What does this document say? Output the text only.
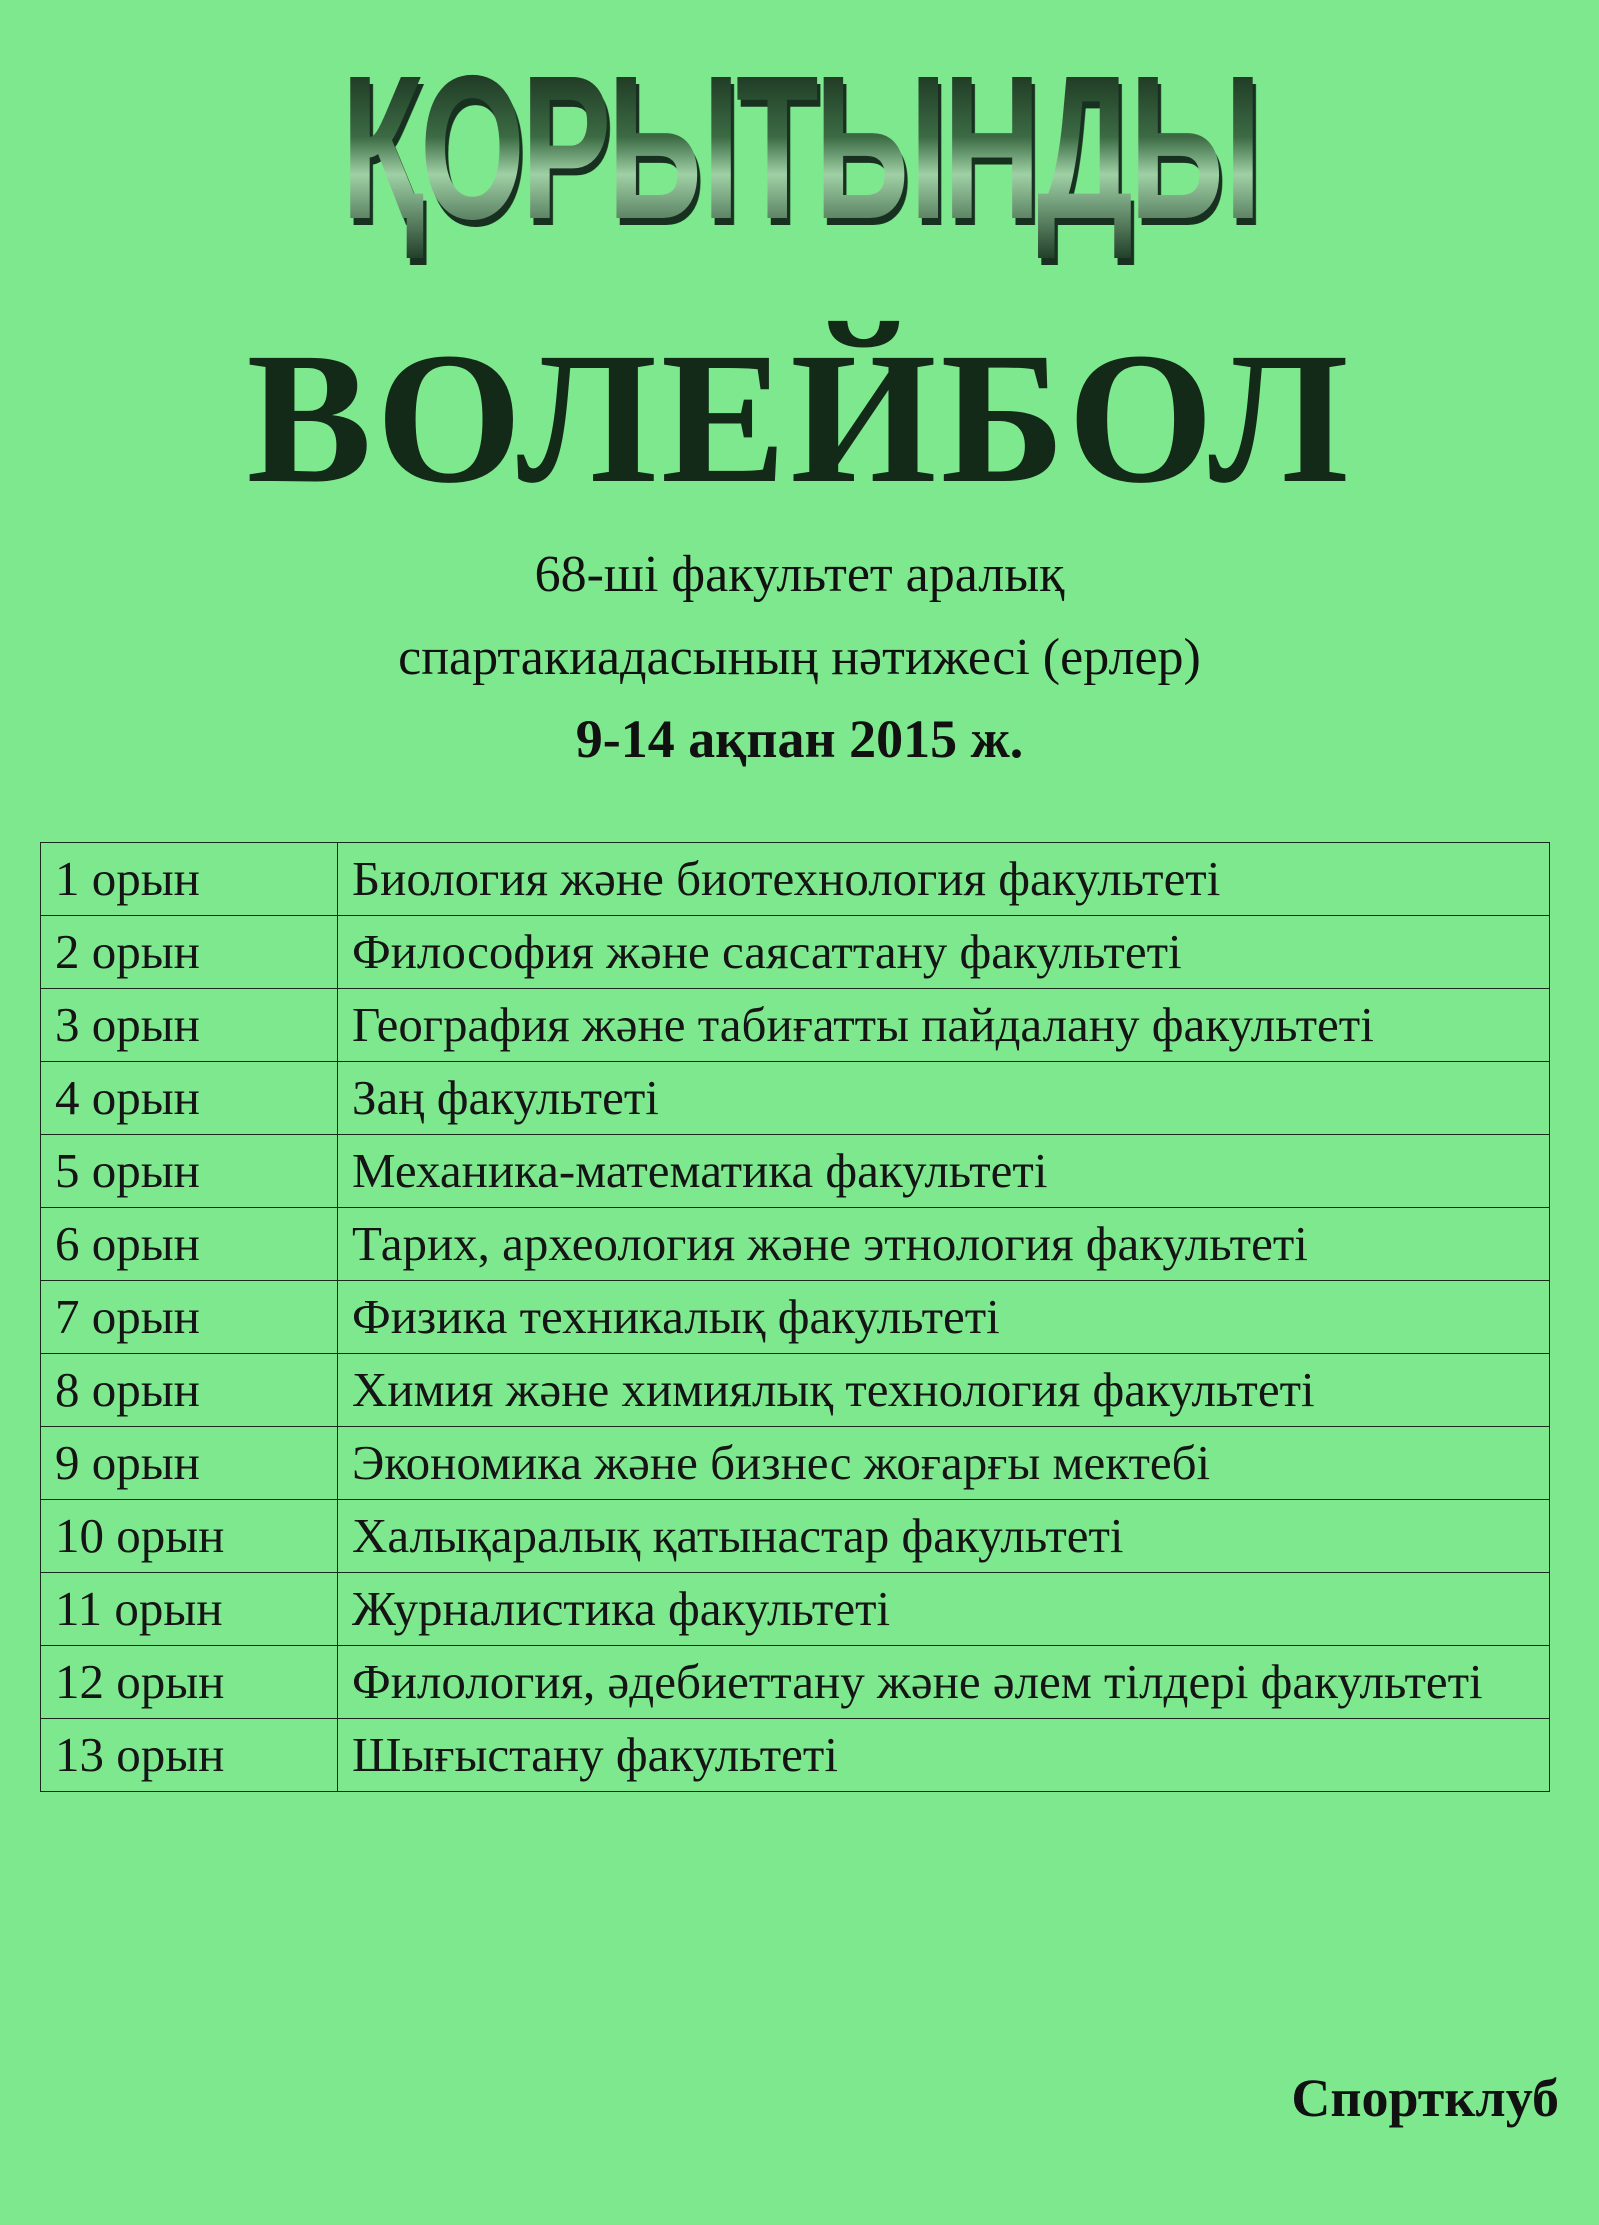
ҚОРЫТЫНДЫ
ВОЛЕЙБОЛ
68-ші факультет аралық
спартакиадасының нәтижесі (ерлер)
9-14 ақпан 2015 ж.
1 орын	Биология және биотехнология факультеті
2 орын	Философия және саясаттану факультеті
3 орын	География және табиғатты пайдалану факультеті
4 орын	Заң факультеті
5 орын	Механика-математика факультеті
6 орын	Тарих, археология және этнология факультеті
7 орын	Физика техникалық факультеті
8 орын	Химия және химиялық технология факультеті
9 орын	Экономика және бизнес жоғарғы мектебі
10 орын	Халықаралық қатынастар факультеті
11 орын	Журналистика факультеті
12 орын	Филология, әдебиеттану және әлем тілдері факультеті
13 орын	Шығыстану факультеті
Спортклуб
